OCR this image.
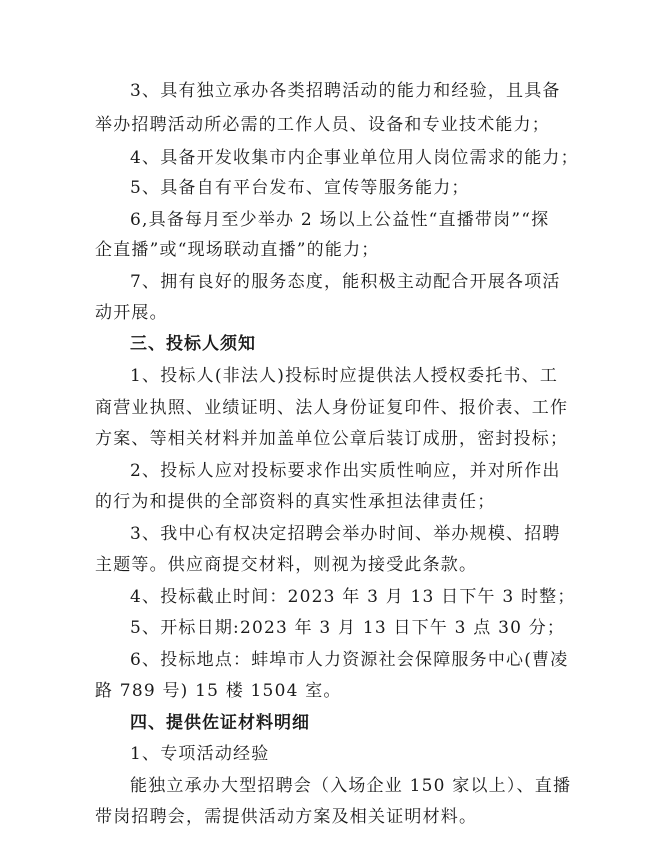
3、具有独立承办各类招聘活动的能力和经验，且具备
举办招聘活动所必需的工作人员、设备和专业技术能力；
4、具备开发收集市内企事业单位用人岗位需求的能力；
5、具备自有平台发布、宣传等服务能力；
6,具备每月至少举办 2 场以上公益性“直播带岗”“探
企直播”或“现场联动直播”的能力；
7、拥有良好的服务态度，能积极主动配合开展各项活
动开展。
三、投标人须知
1、投标人(非法人)投标时应提供法人授权委托书、工
商营业执照、业绩证明、法人身份证复印件、报价表、工作
方案、等相关材料并加盖单位公章后装订成册，密封投标；
2、投标人应对投标要求作出实质性响应，并对所作出
的行为和提供的全部资料的真实性承担法律责任；
3、我中心有权决定招聘会举办时间、举办规模、招聘
主题等。供应商提交材料，则视为接受此条款。
4、投标截止时间：2023 年 3 月 13 日下午 3 时整；
5、开标日期:2023 年 3 月 13 日下午 3 点 30 分；
6、投标地点：蚌埠市人力资源社会保障服务中心(曹凌
路 789 号) 15 楼 1504 室。
四、提供佐证材料明细
1、专项活动经验
能独立承办大型招聘会（入场企业 150 家以上）、直播
带岗招聘会，需提供活动方案及相关证明材料。
